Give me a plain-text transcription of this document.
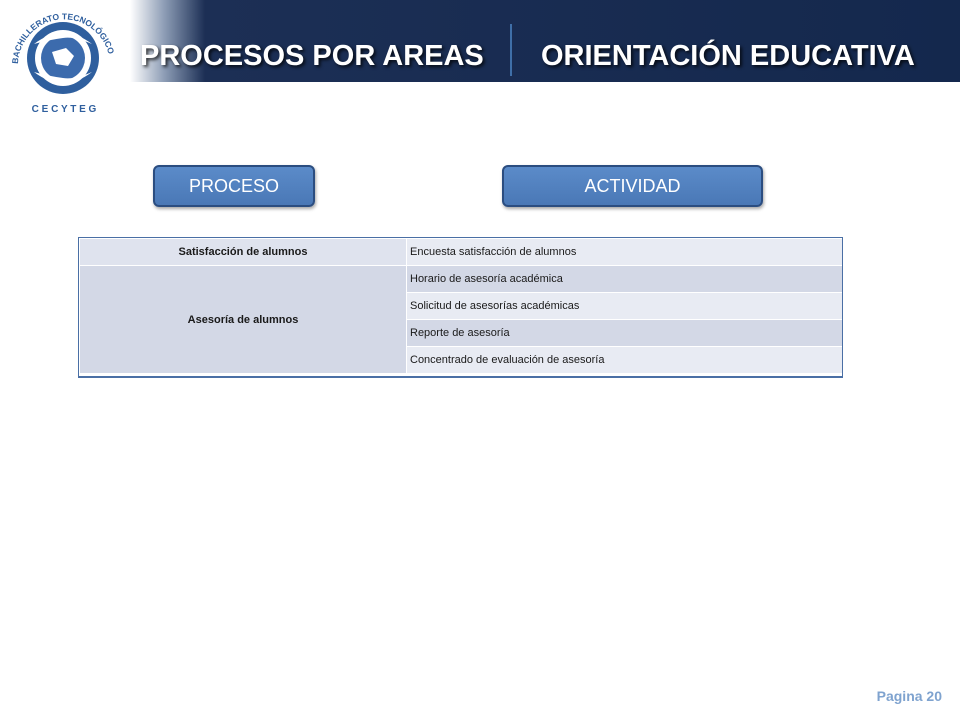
BACHILLERATO TECNOLÓGICO
C E C Y T E G
PROCESOS POR AREAS ORIENTACIÓN EDUCATIVA
PROCESO	ACTIVIDAD
Satisfacción de alumnos	Encuesta satisfacción de alumnos
Asesoría de alumnos	Horario de asesoría académica
	Solicitud de asesorías académicas
	Reporte de asesoría
	Concentrado de evaluación de asesoría
Pagina 20
